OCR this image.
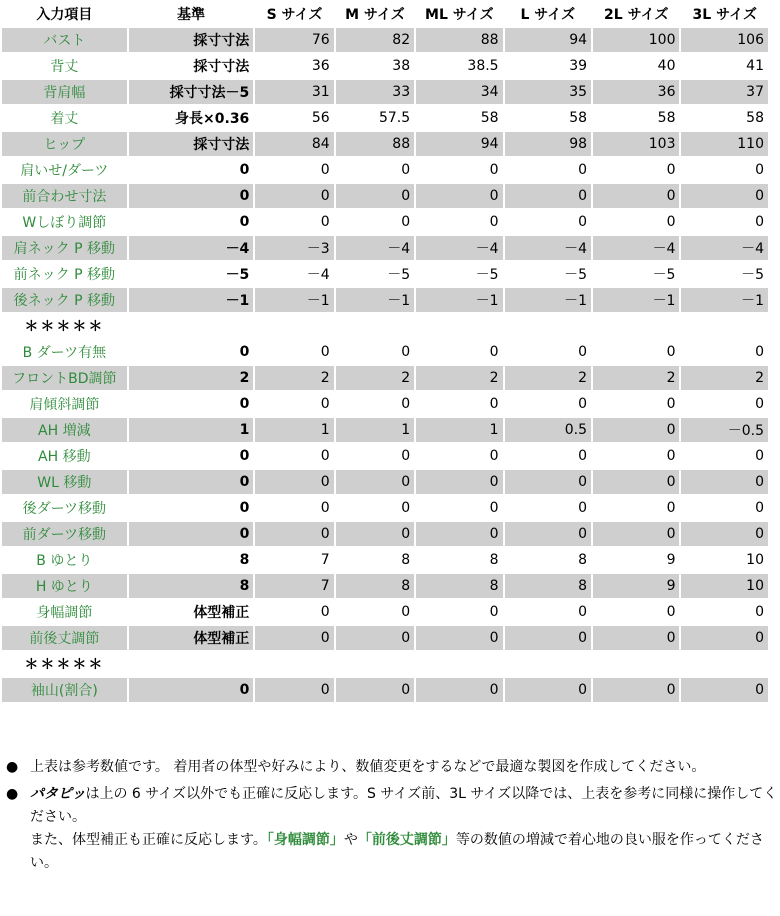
入力項目	基準	S サイズ	M サイズ	ML サイズ	L サイズ	2L サイズ	3L サイズ
バスト	採寸寸法	76	82	88	94	100	106
背丈	採寸寸法	36	38	38.5	39	40	41
背肩幅	採寸寸法－5	31	33	34	35	36	37
着丈	身長×0.36	56	57.5	58	58	58	58
ヒップ	採寸寸法	84	88	94	98	103	110
肩いせ/ダーツ	0	0	0	0	0	0	0
前合わせ寸法	0	0	0	0	0	0	0
Wしぼり調節	0	0	0	0	0	0	0
肩ネック P 移動	－4	－3	－4	－4	－4	－4	－4
前ネック P 移動	－5	－4	－5	－5	－5	－5	－5
後ネック P 移動	－1	－1	－1	－1	－1	－1	－1
＊＊＊＊＊							
B ダーツ有無	0	0	0	0	0	0	0
フロントBD調節	2	2	2	2	2	2	2
肩傾斜調節	0	0	0	0	0	0	0
AH 増減	1	1	1	1	0.5	0	－0.5
AH 移動	0	0	0	0	0	0	0
WL 移動	0	0	0	0	0	0	0
後ダーツ移動	0	0	0	0	0	0	0
前ダーツ移動	0	0	0	0	0	0	0
B ゆとり	8	7	8	8	8	9	10
H ゆとり	8	7	8	8	8	9	10
身幅調節	体型補正	0	0	0	0	0	0
前後丈調節	体型補正	0	0	0	0	0	0
＊＊＊＊＊							
袖山(割合)	0	0	0	0	0	0	0
● 上表は参考数値です。 着用者の体型や好みにより、数値変更をするなどで最適な製図を作成してください。
● パタピッは上の 6 サイズ以外でも正確に反応します。S サイズ前、3L サイズ以降では、上表を参考に同様に操作してください。
また、体型補正も正確に反応します。「身幅調節」や「前後丈調節」等の数値の増減で着心地の良い服を作ってください。
